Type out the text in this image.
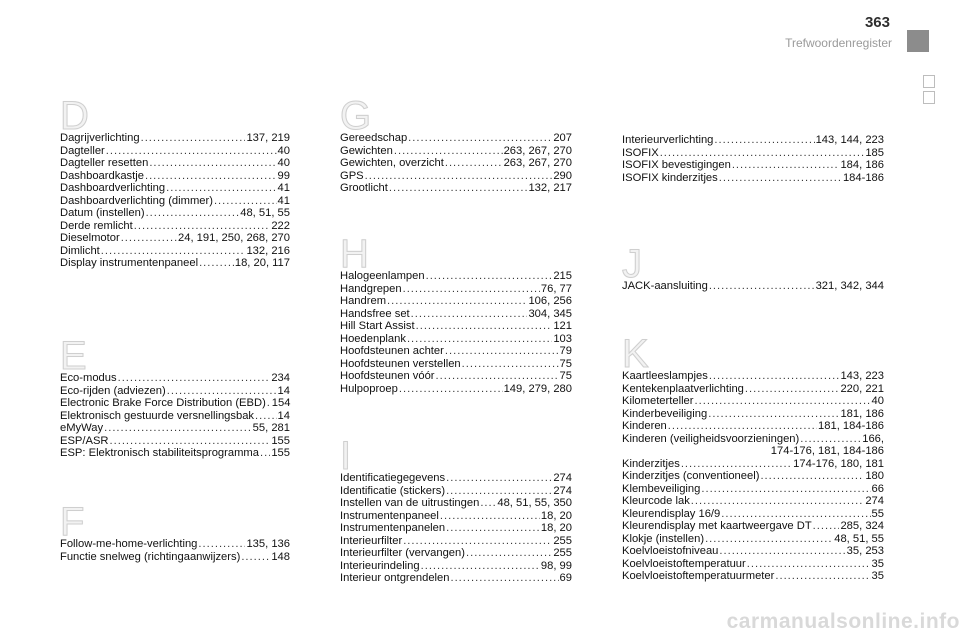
363
Trefwoordenregister
D
Dagrijverlichting .....	137, 219
Dagteller .....	40
Dagteller resetten .....	40
Dashboardkastje .....	99
Dashboardverlichting .....	41
Dashboardverlichting (dimmer) .....	41
Datum (instellen) .....	48, 51, 55
Derde remlicht .....	222
Dieselmotor .....	24, 191, 250, 268, 270
Dimlicht .....	132, 216
Display instrumentenpaneel .....	18, 20, 117
E
Eco-modus .....	234
Eco-rijden (adviezen) .....	14
Electronic Brake Force Distribution (EBD) ..... 154
Elektronisch gestuurde versnellingsbak ..... 14
eMyWay .....	55, 281
ESP/ASR .....	155
ESP: Elektronisch stabiliteitsprogramma ..... 155
F
Follow-me-home-verlichting .....	135, 136
Functie snelweg (richtingaanwijzers) .....	148
G
Gereedschap .....	207
Gewichten .....	263, 267, 270
Gewichten, overzicht .....	263, 267, 270
GPS .....	290
Grootlicht .....	132, 217
H
Halogeenlampen .....	215
Handgrepen .....	76, 77
Handrem .....	106, 256
Handsfree set .....	304, 345
Hill Start Assist .....	121
Hoedenplank .....	103
Hoofdsteunen achter .....	79
Hoofdsteunen verstellen .....	75
Hoofdsteunen vóór .....	75
Hulpoproep .....	149, 279, 280
I
Identificatiegegevens .....	274
Identificatie (stickers) .....	274
Instellen van de uitrustingen ..... 48, 51, 55, 350
Instrumentenpaneel .....	18, 20
Instrumentenpanelen .....	18, 20
Interieurfilter .....	255
Interieurfilter (vervangen) .....	255
Interieurindeling .....	98, 99
Interieur ontgrendelen .....	69
Interieurverlichting .....	143, 144, 223
ISOFIX .....	185
ISOFIX bevestigingen .....	184, 186
ISOFIX kinderzitjes .....	184-186
J
JACK-aansluiting .....	321, 342, 344
K
Kaartleeslampjes .....	143, 223
Kentekenplaatverlichting .....	220, 221
Kilometerteller .....	40
Kinderbeveiliging .....	181, 186
Kinderen .....	181, 184-186
Kinderen (veiligheidsvoorzieningen) .....	166,
174-176, 181, 184-186
Kinderzitjes .....	174-176, 180, 181
Kinderzitjes (conventioneel) .....	180
Klembeveiliging .....	66
Kleurcode lak .....	274
Kleurendisplay 16/9 .....	55
Kleurendisplay met kaartweergave DT .....	285, 324
Klokje (instellen) .....	48, 51, 55
Koelvloeistofniveau .....	35, 253
Koelvloeistoftemperatuur .....	35
Koelvloeistoftemperatuurmeter .....	35
carmanualsonline.info
